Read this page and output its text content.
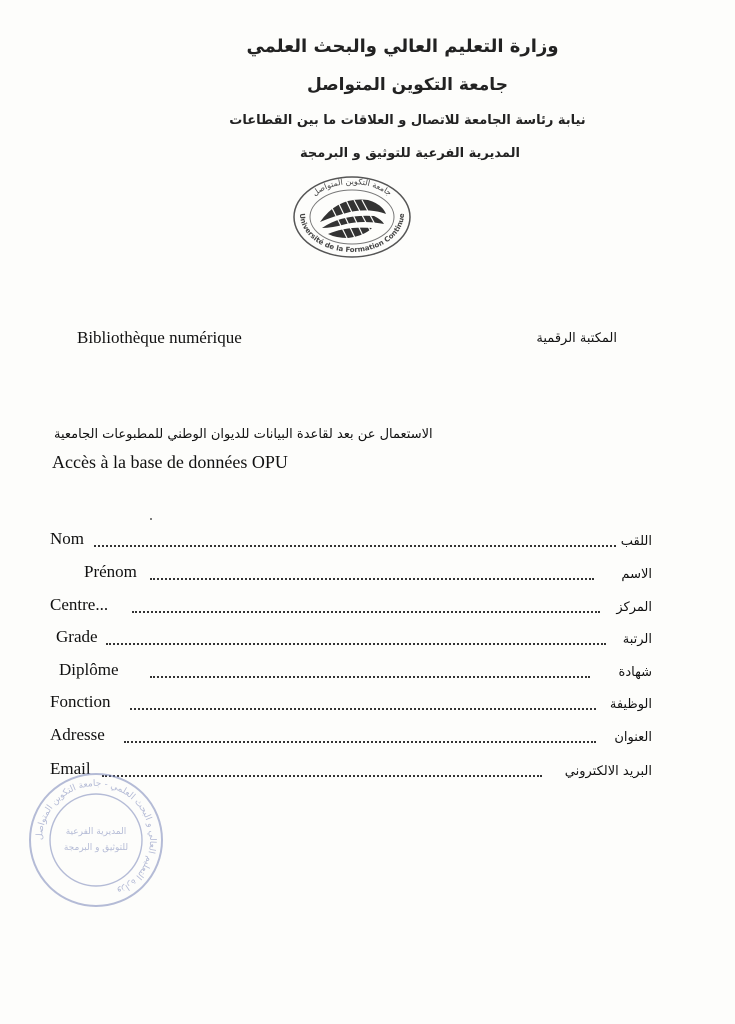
وزارة التعليم العالي والبحث العلمي
جامعة التكوين المتواصل
نيابة رئاسة الجامعة للاتصال و العلاقات ما بين القطاعات
المديرية الفرعية للتوثيق و البرمجة
جامعة التكوين المتواصل
Université de la Formation Continue
Bibliothèque numérique	المكتبة الرقمية
الاستعمال عن بعد لقاعدة البيانات للديوان الوطني للمطبوعات الجامعية
Accès à la base de données OPU
Nom	اللقب
Prénom	الاسم
Centre...	المركز
Grade	الرتبة
Diplôme	شهادة
Fonction	الوظيفة
Adresse	العنوان
Email	البريد الالكتروني
وزارة التعليم العالي و البحث العلمي - جامعة التكوين المتواصل
المديرية الفرعية
للتوثيق و البرمجة
